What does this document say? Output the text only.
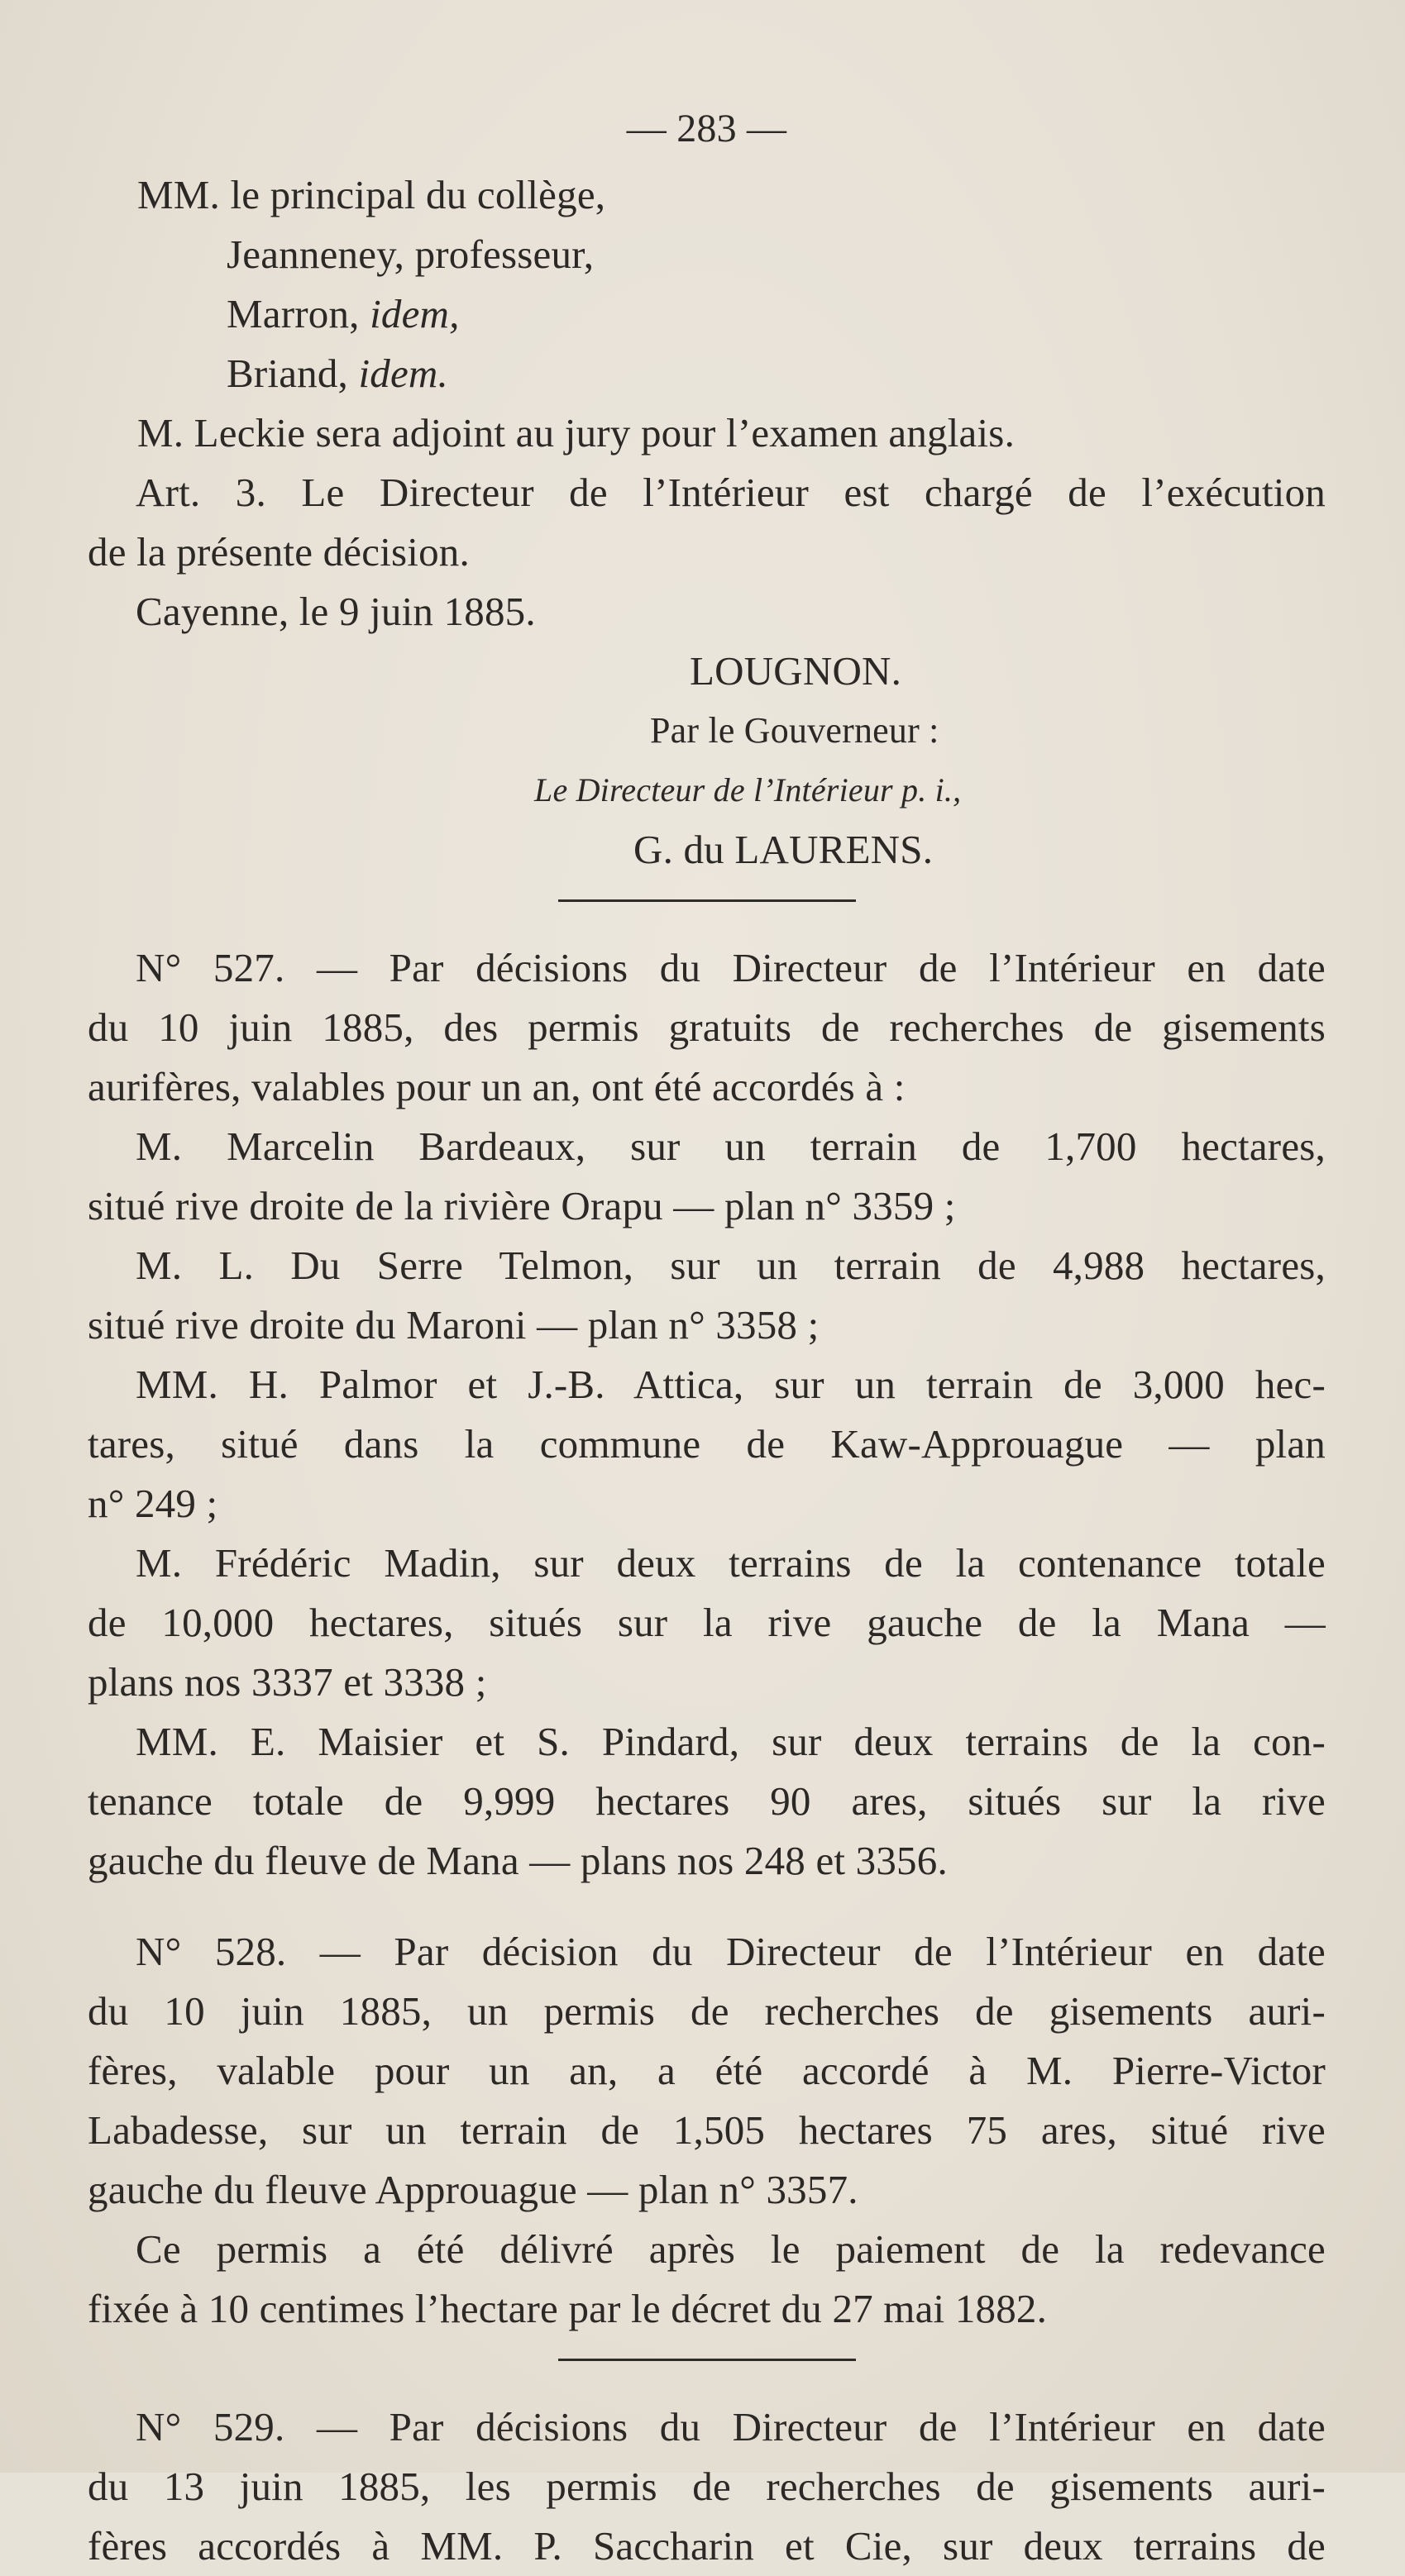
— 283 —
MM. le principal du collège,
Jeanneney, professeur,
Marron, idem,
Briand, idem.
M. Leckie sera adjoint au jury pour l’examen anglais.
Art. 3. Le Directeur de l’Intérieur est chargé de l’exécution
de la présente décision.
Cayenne, le 9 juin 1885.
LOUGNON.
Par le Gouverneur :
Le Directeur de l’Intérieur p. i.,
G. du LAURENS.
N° 527. — Par décisions du Directeur de l’Intérieur en date
du 10 juin 1885, des permis gratuits de recherches de gisements
aurifères, valables pour un an, ont été accordés à :
M. Marcelin Bardeaux, sur un terrain de 1,700 hectares,
situé rive droite de la rivière Orapu — plan n° 3359 ;
M. L. Du Serre Telmon, sur un terrain de 4,988 hectares,
situé rive droite du Maroni — plan n° 3358 ;
MM. H. Palmor et J.-B. Attica, sur un terrain de 3,000 hec-
tares, situé dans la commune de Kaw-Approuague — plan
n° 249 ;
M. Frédéric Madin, sur deux terrains de la contenance totale
de 10,000 hectares, situés sur la rive gauche de la Mana —
plans nos 3337 et 3338 ;
MM. E. Maisier et S. Pindard, sur deux terrains de la con-
tenance totale de 9,999 hectares 90 ares, situés sur la rive
gauche du fleuve de Mana — plans nos 248 et 3356.
N° 528. — Par décision du Directeur de l’Intérieur en date
du 10 juin 1885, un permis de recherches de gisements auri-
fères, valable pour un an, a été accordé à M. Pierre-Victor
Labadesse, sur un terrain de 1,505 hectares 75 ares, situé rive
gauche du fleuve Approuague — plan n° 3357.
Ce permis a été délivré après le paiement de la redevance
fixée à 10 centimes l’hectare par le décret du 27 mai 1882.
N° 529. — Par décisions du Directeur de l’Intérieur en date
du 13 juin 1885, les permis de recherches de gisements auri-
fères accordés à MM. P. Saccharin et Cie, sur deux terrains de
